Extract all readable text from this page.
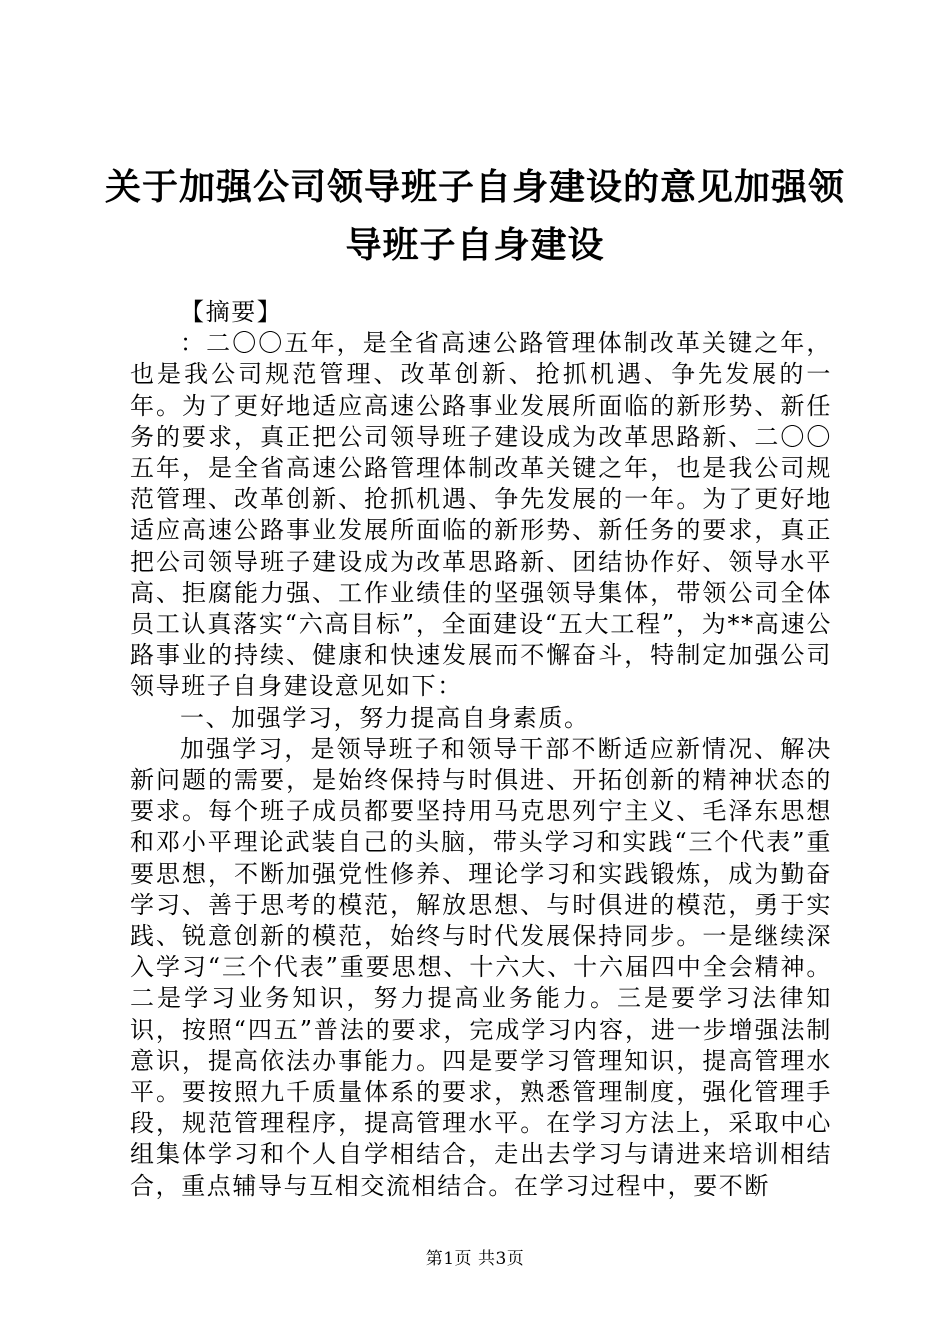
关于加强公司领导班子自身建设的意见加强领导班子自身建设

【摘要】

：二〇〇五年，是全省高速公路管理体制改革关键之年，也是我公司规范管理、改革创新、抢抓机遇、争先发展的一年。为了更好地适应高速公路事业发展所面临的新形势、新任务的要求，真正把公司领导班子建设成为改革思路新、二〇〇五年，是全省高速公路管理体制改革关键之年，也是我公司规范管理、改革创新、抢抓机遇、争先发展的一年。为了更好地适应高速公路事业发展所面临的新形势、新任务的要求，真正把公司领导班子建设成为改革思路新、团结协作好、领导水平高、拒腐能力强、工作业绩佳的坚强领导集体，带领公司全体员工认真落实“六高目标”，全面建设“五大工程”，为**高速公路事业的持续、健康和快速发展而不懈奋斗，特制定加强公司领导班子自身建设意见如下：

一、加强学习，努力提高自身素质。

加强学习，是领导班子和领导干部不断适应新情况、解决新问题的需要，是始终保持与时俱进、开拓创新的精神状态的要求。每个班子成员都要坚持用马克思列宁主义、毛泽东思想和邓小平理论武装自己的头脑，带头学习和实践“三个代表”重要思想，不断加强党性修养、理论学习和实践锻炼，成为勤奋学习、善于思考的模范，解放思想、与时俱进的模范，勇于实践、锐意创新的模范，始终与时代发展保持同步。一是继续深入学习“三个代表”重要思想、十六大、十六届四中全会精神。二是学习业务知识，努力提高业务能力。三是要学习法律知识，按照“四五”普法的要求，完成学习内容，进一步增强法制意识，提高依法办事能力。四是要学习管理知识，提高管理水平。要按照九千质量体系的要求，熟悉管理制度，强化管理手段，规范管理程序，提高管理水平。在学习方法上，采取中心组集体学习和个人自学相结合，走出去学习与请进来培训相结合，重点辅导与互相交流相结合。在学习过程中，要不断

第1页 共3页
